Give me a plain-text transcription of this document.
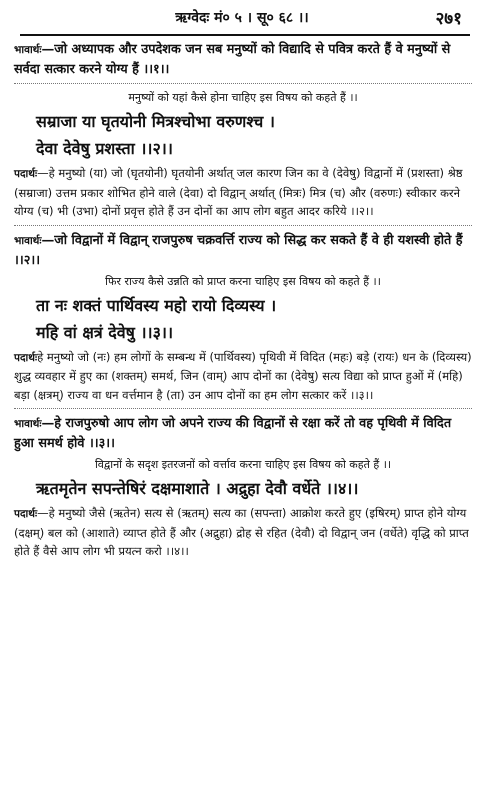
ऋग्वेदः मं० ५ । सू० ६८ ।।	२७१

भावार्थः—जो अध्यापक और उपदेशक जन सब मनुष्यों को विद्यादि से पवित्र करते हैं वे मनुष्यों से सर्वदा सत्कार करने योग्य हैं ।।१।।

मनुष्यों को यहां कैसे होना चाहिए इस विषय को कहते हैं ।।

सम्राजा या घृतयोनी मित्रश्चोभा वरुणश्च ।

देवा देवेषु प्रशस्ता ।।२।।

पदार्थः—हे मनुष्यो (या) जो (घृतयोनी) घृतयोनी अर्थात् जल कारण जिन का वे (देवेषु) विद्वानों में (प्रशस्ता) श्रेष्ठ (सम्राजा) उत्तम प्रकार शोभित होने वाले (देवा) दो विद्वान् अर्थात् (मित्रः) मित्र (च) और (वरुणः) स्वीकार करने योग्य (च) भी (उभा) दोनों प्रवृत्त होते हैं उन दोनों का आप लोग बहुत आदर करिये ।।२।।

भावार्थः—जो विद्वानों में विद्वान् राजपुरुष चक्रवर्त्ति राज्य को सिद्ध कर सकते हैं वे ही यशस्वी होते हैं ।।२।।

फिर राज्य कैसे उन्नति को प्राप्त करना चाहिए इस विषय को कहते हैं ।।

ता नः शक्तं पार्थिवस्य महो रायो दिव्यस्य ।

महि वां क्षत्रं देवेषु ।।३।।

पदार्थःहे मनुष्यो जो (नः) हम लोगों के सम्बन्ध में (पार्थिवस्य) पृथिवी में विदित (महः) बड़े (रायः) धन के (दिव्यस्य) शुद्ध व्यवहार में हुए का (शक्तम्) समर्थ, जिन (वाम्) आप दोनों का (देवेषु) सत्य विद्या को प्राप्त हुओं में (महि) बड़ा (क्षत्रम्) राज्य वा धन वर्त्तमान है (ता) उन आप दोनों का हम लोग सत्कार करें ।।३।।

भावार्थः—हे राजपुरुषो आप लोग जो अपने राज्य की विद्वानों से रक्षा करें तो वह पृथिवी में विदित हुआ समर्थ होवे ।।३।।

विद्वानों के सदृश इतरजनों को वर्त्ताव करना चाहिए इस विषय को कहते हैं ।।

ऋतमृतेन सपन्तेषिरं दक्षमाशाते । अद्रुहा देवौ वर्धेते ।।४।।

पदार्थः—हे मनुष्यो जैसे (ऋतेन) सत्य से (ऋतम्) सत्य का (सपन्ता) आक्रोश करते हुए (इषिरम्) प्राप्त होने योग्य (दक्षम्) बल को (आशाते) व्याप्त होते हैं और (अद्रुहा) द्रोह से रहित (देवौ) दो विद्वान् जन (वर्धेते) वृद्धि को प्राप्त होते हैं वैसे आप लोग भी प्रयत्न करो ।।४।।
